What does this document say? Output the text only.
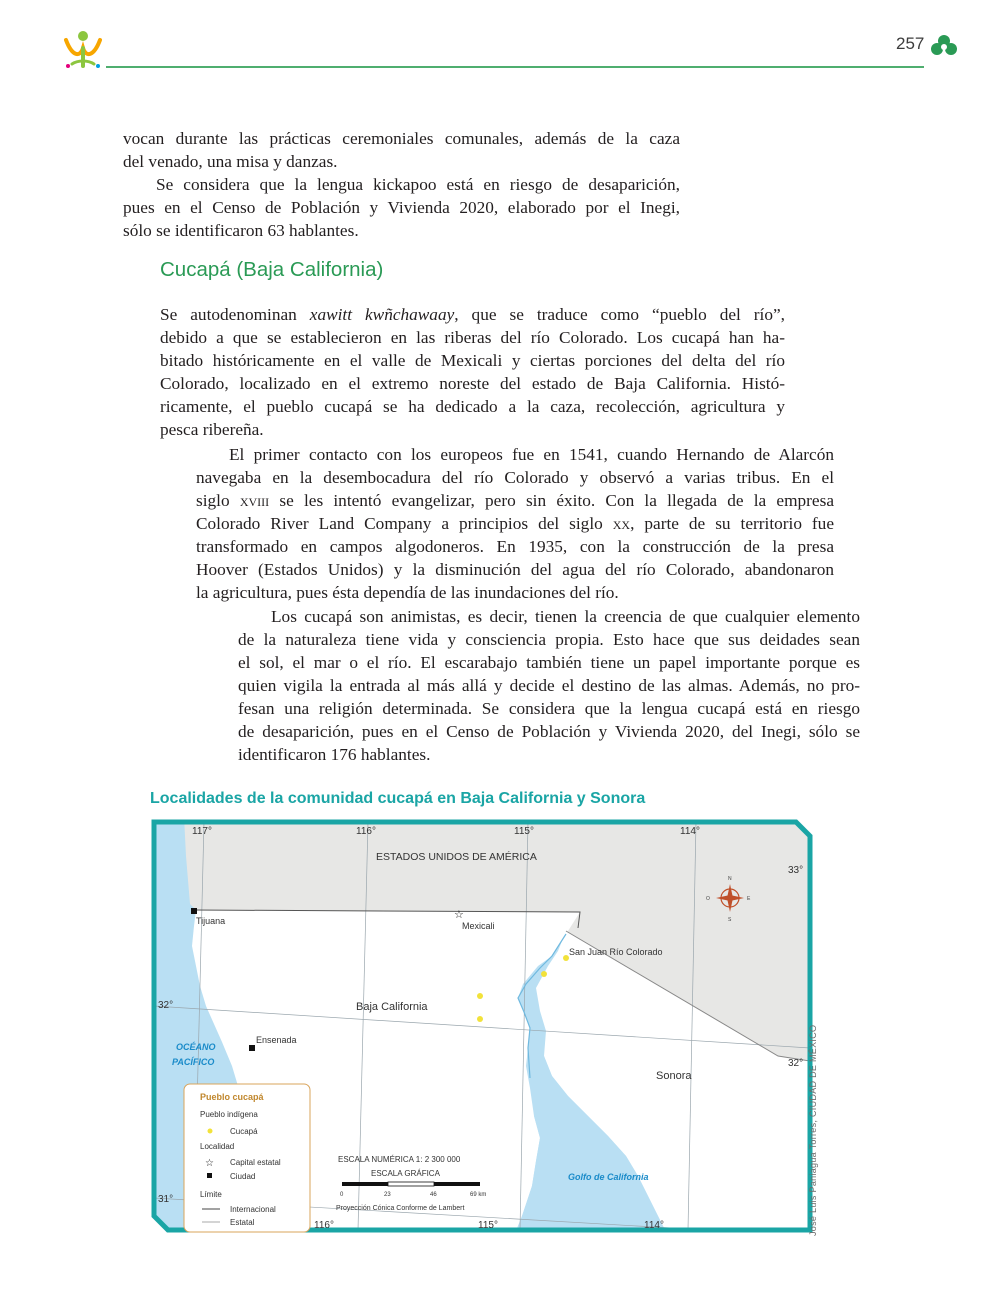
257

vocan durante las prácticas ceremoniales comunales, además de la caza
del venado, una misa y danzas.

Se considera que la lengua kickapoo está en riesgo de desaparición,
pues en el Censo de Población y Vivienda 2020, elaborado por el Inegi,
sólo se identificaron 63 hablantes.

Cucapá (Baja California)

Se autodenominan xawitt kwñchawaay, que se traduce como “pueblo del río”,
debido a que se establecieron en las riberas del río Colorado. Los cucapá han ha-
bitado históricamente en el valle de Mexicali y ciertas porciones del delta del río
Colorado, localizado en el extremo noreste del estado de Baja California. Histó-
ricamente, el pueblo cucapá se ha dedicado a la caza, recolección, agricultura y
pesca ribereña.

El primer contacto con los europeos fue en 1541, cuando Hernando de Alarcón
navegaba en la desembocadura del río Colorado y observó a varias tribus. En el
siglo xviii se les intentó evangelizar, pero sin éxito. Con la llegada de la empresa
Colorado River Land Company a principios del siglo xx, parte de su territorio fue
transformado en campos algodoneros. En 1935, con la construcción de la presa
Hoover (Estados Unidos) y la disminución del agua del río Colorado, abandonaron
la agricultura, pues ésta dependía de las inundaciones del río.

Los cucapá son animistas, es decir, tienen la creencia de que cualquier elemento
de la naturaleza tiene vida y consciencia propia. Esto hace que sus deidades sean
el sol, el mar o el río. El escarabajo también tiene un papel importante porque es
quien vigila la entrada al más allá y decide el destino de las almas. Además, no pro-
fesan una religión determinada. Se considera que la lengua cucapá está en riesgo
de desaparición, pues en el Censo de Población y Vivienda 2020, del Inegi, sólo se
identificaron 176 hablantes.

Localidades de la comunidad cucapá en Baja California y Sonora
117°	116°	115°	114°
116°	115°	114°
33°
32°
32°
31°
ESTADOS UNIDOS DE AMÉRICA
Baja California
Sonora
OCÉANO
PACÍFICO
Golfo de California
Tijuana	☆
Mexicali
San Juan Río Colorado
Ensenada
N
S
E
O
Pueblo cucapá
Pueblo indígena
Cucapá
Localidad
☆ Capital estatal
Ciudad
Límite
Internacional
Estatal
ESCALA NUMÉRICA 1: 2 300 000
ESCALA GRÁFICA
0	23	46	69 km
Proyección Cónica Conforme de Lambert	José Luis Paniagua Torres, CIUDAD DE MÉXICO
